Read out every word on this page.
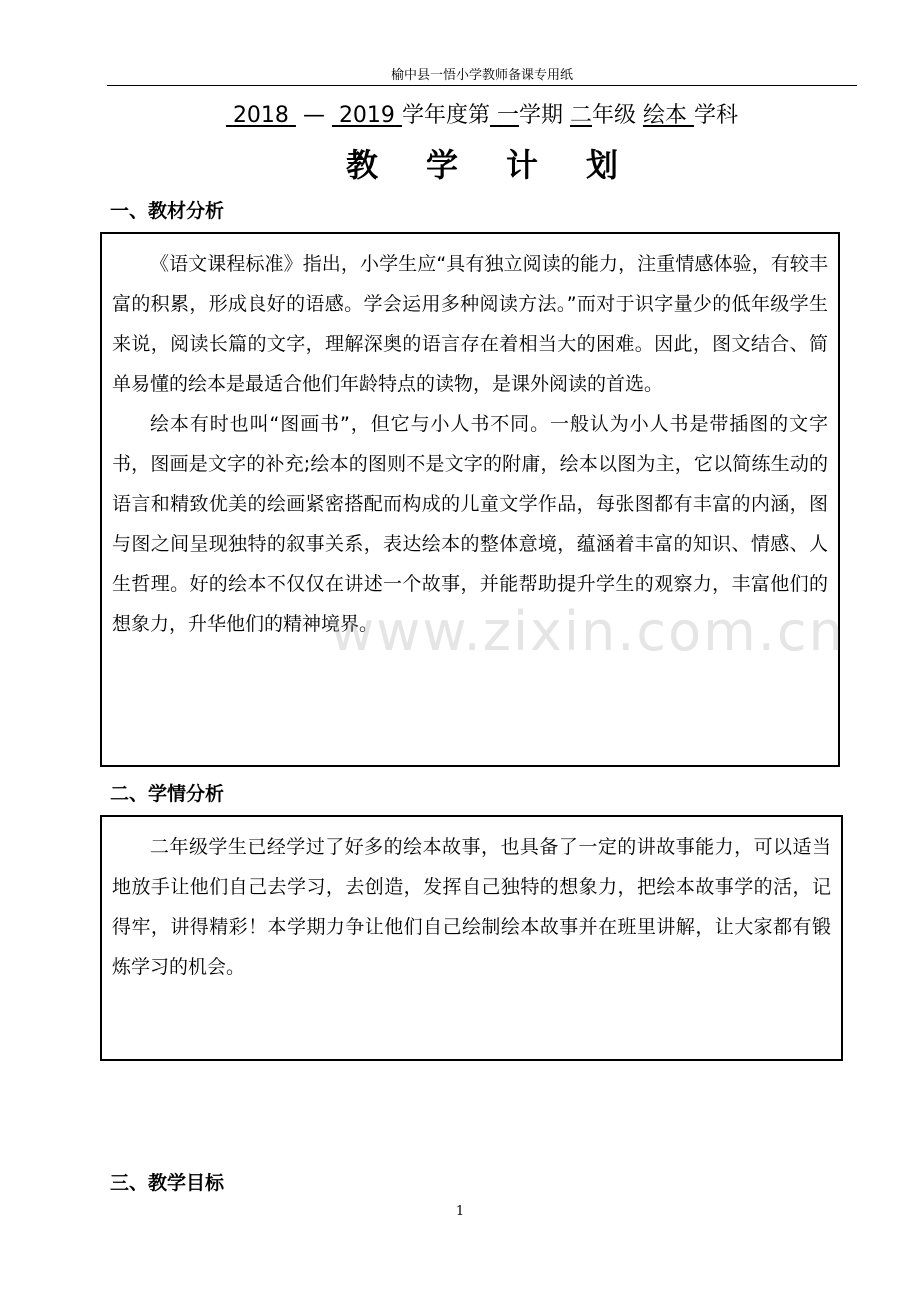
榆中县一悟小学教师备课专用纸
2018 — 2019 学年度第 一学期 二年级 绘本 学科
教学计划
一、教材分析

《语文课程标准》指出，小学生应“具有独立阅读的能力，注重情感体验，有较丰富的积累，形成良好的语感。学会运用多种阅读方法。”而对于识字量少的低年级学生来说，阅读长篇的文字，理解深奥的语言存在着相当大的困难。因此，图文结合、简单易懂的绘本是最适合他们年龄特点的读物，是课外阅读的首选。

绘本有时也叫“图画书”，但它与小人书不同。一般认为小人书是带插图的文字书，图画是文字的补充;绘本的图则不是文字的附庸，绘本以图为主，它以简练生动的语言和精致优美的绘画紧密搭配而构成的儿童文学作品，每张图都有丰富的内涵，图与图之间呈现独特的叙事关系，表达绘本的整体意境，蕴涵着丰富的知识、情感、人生哲理。好的绘本不仅仅在讲述一个故事，并能帮助提升学生的观察力，丰富他们的想象力，升华他们的精神境界。

二、学情分析

二年级学生已经学过了好多的绘本故事，也具备了一定的讲故事能力，可以适当地放手让他们自己去学习，去创造，发挥自己独特的想象力，把绘本故事学的活，记得牢，讲得精彩！本学期力争让他们自己绘制绘本故事并在班里讲解，让大家都有锻炼学习的机会。

三、教学目标
www.zixin.com.cn
1
